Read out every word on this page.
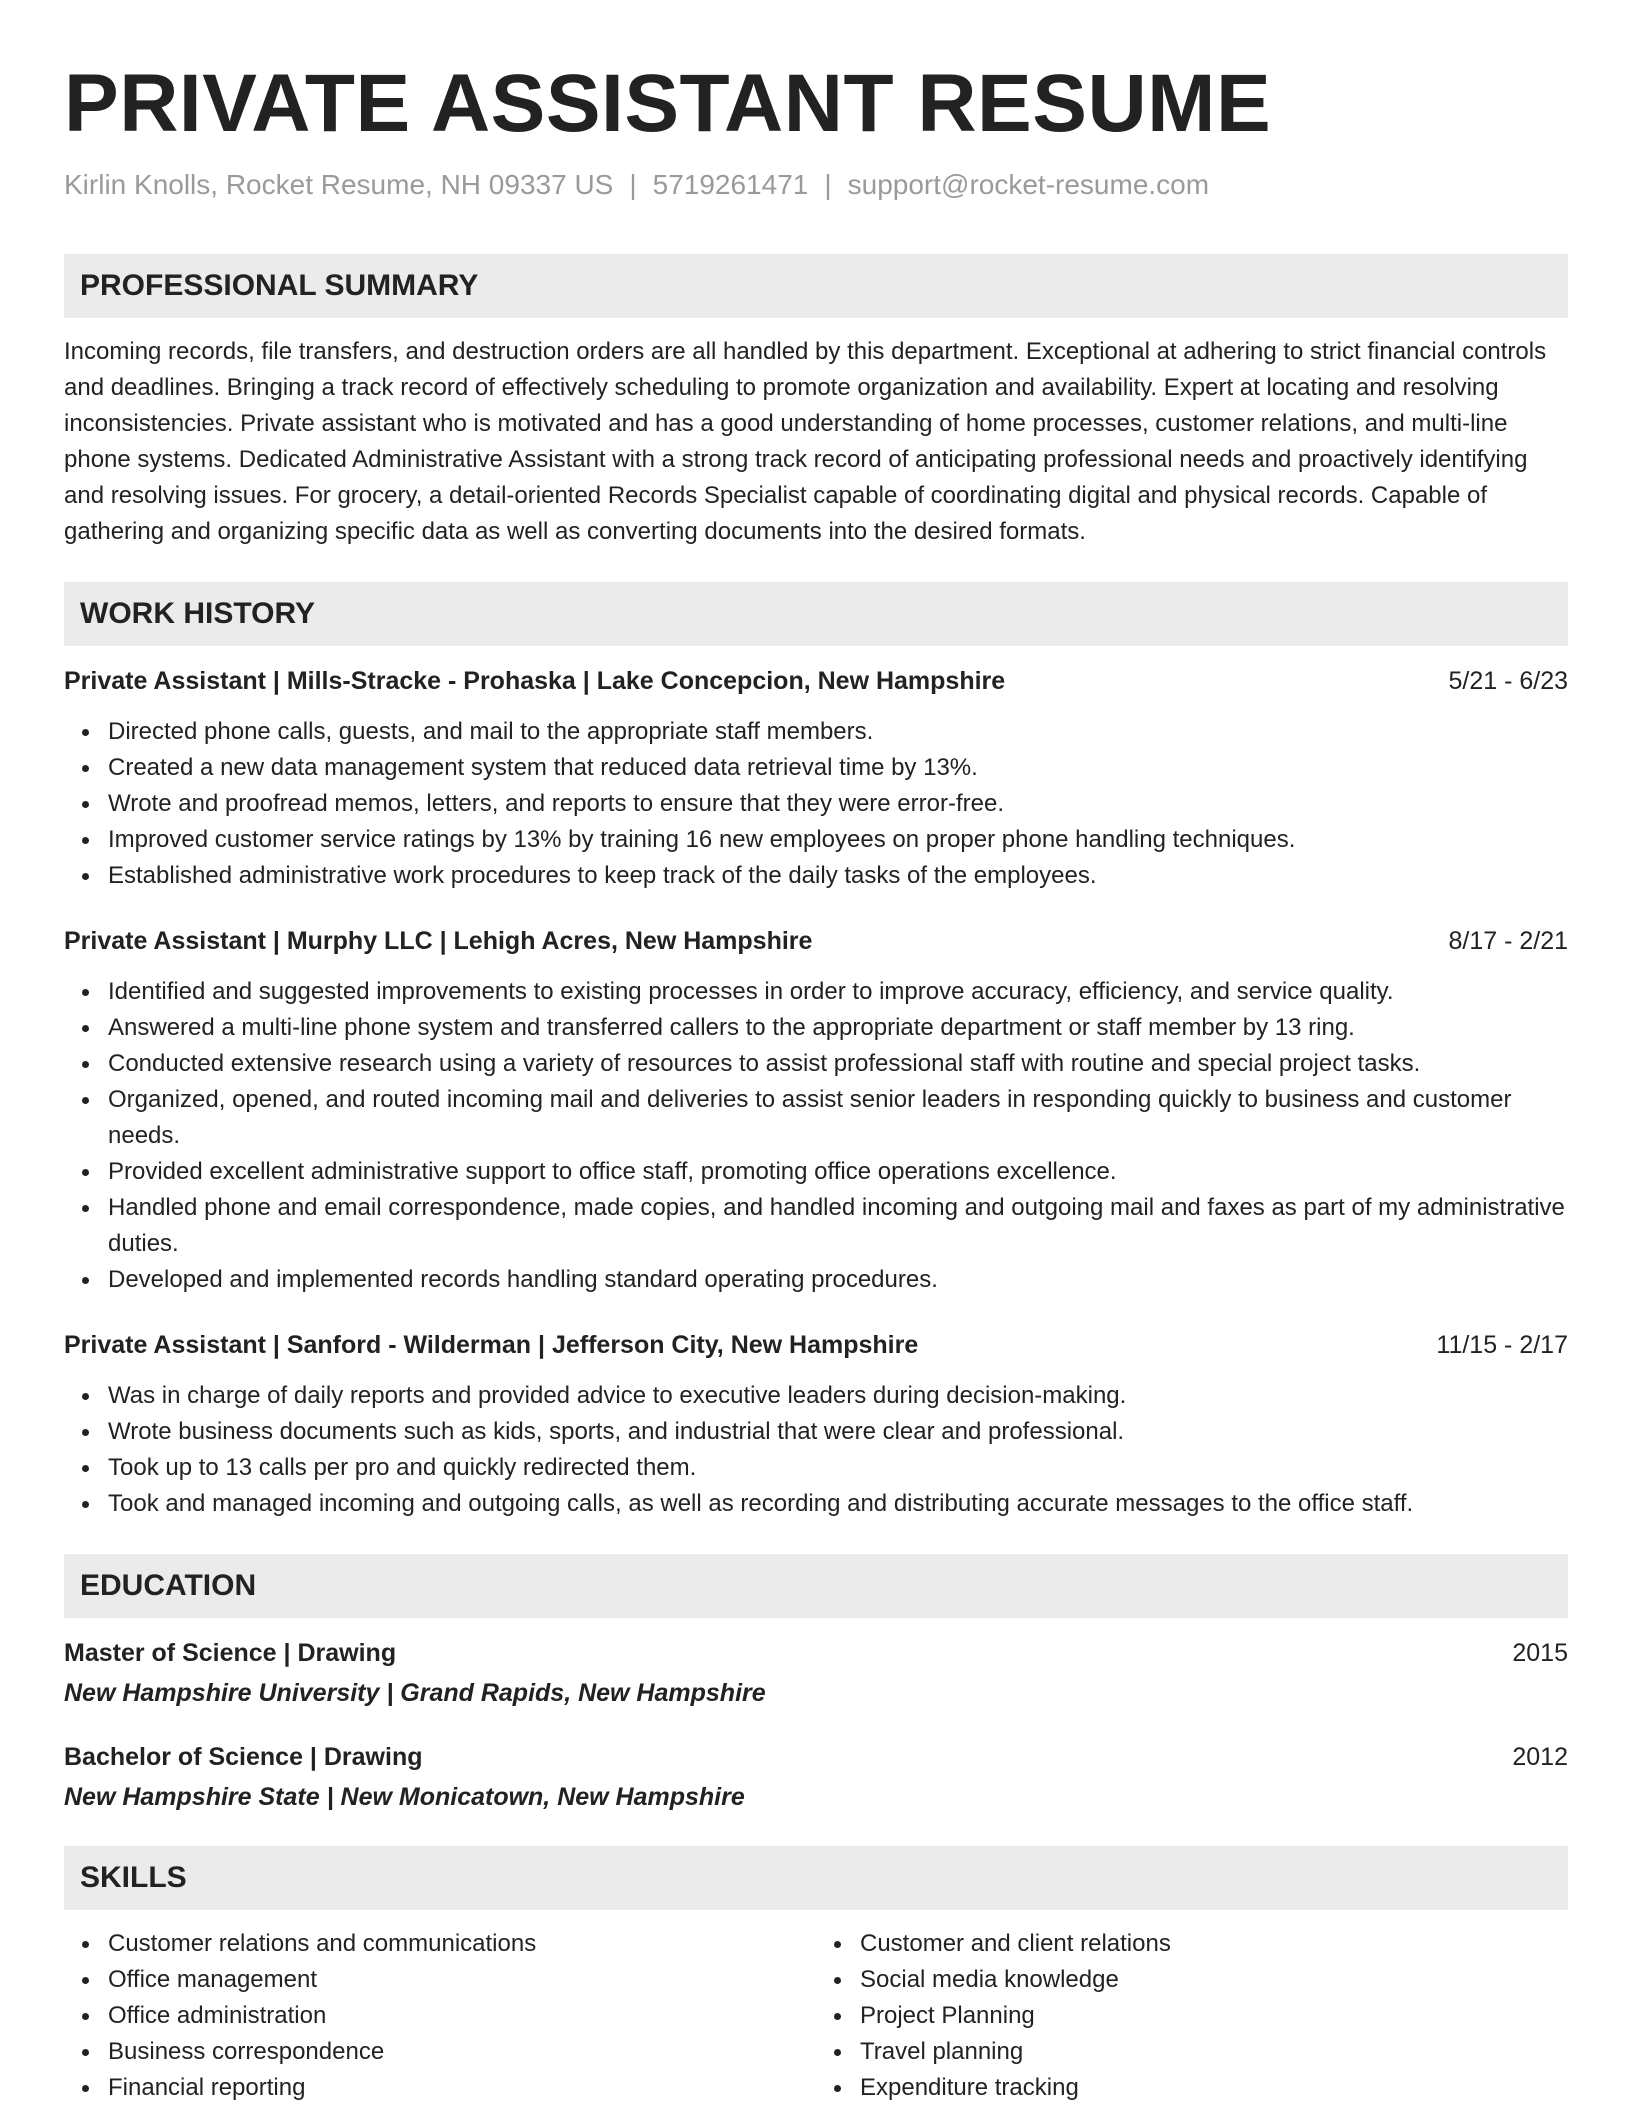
PRIVATE ASSISTANT RESUME
Kirlin Knolls, Rocket Resume, NH 09337 US | 5719261471 | support@rocket-resume.com
PROFESSIONAL SUMMARY

Incoming records, file transfers, and destruction orders are all handled by this department. Exceptional at adhering to strict financial controls and deadlines. Bringing a track record of effectively scheduling to promote organization and availability. Expert at locating and resolving inconsistencies. Private assistant who is motivated and has a good understanding of home processes, customer relations, and multi-line phone systems. Dedicated Administrative Assistant with a strong track record of anticipating professional needs and proactively identifying and resolving issues. For grocery, a detail-oriented Records Specialist capable of coordinating digital and physical records. Capable of gathering and organizing specific data as well as converting documents into the desired formats.

WORK HISTORY
Private Assistant | Mills-Stracke - Prohaska | Lake Concepcion, New Hampshire	5/21 - 6/23
Directed phone calls, guests, and mail to the appropriate staff members.
Created a new data management system that reduced data retrieval time by 13%.
Wrote and proofread memos, letters, and reports to ensure that they were error-free.
Improved customer service ratings by 13% by training 16 new employees on proper phone handling techniques.
Established administrative work procedures to keep track of the daily tasks of the employees.
Private Assistant | Murphy LLC | Lehigh Acres, New Hampshire	8/17 - 2/21
Identified and suggested improvements to existing processes in order to improve accuracy, efficiency, and service quality.
Answered a multi-line phone system and transferred callers to the appropriate department or staff member by 13 ring.
Conducted extensive research using a variety of resources to assist professional staff with routine and special project tasks.
Organized, opened, and routed incoming mail and deliveries to assist senior leaders in responding quickly to business and customer needs.
Provided excellent administrative support to office staff, promoting office operations excellence.
Handled phone and email correspondence, made copies, and handled incoming and outgoing mail and faxes as part of my administrative duties.
Developed and implemented records handling standard operating procedures.
Private Assistant | Sanford - Wilderman | Jefferson City, New Hampshire	11/15 - 2/17
Was in charge of daily reports and provided advice to executive leaders during decision-making.
Wrote business documents such as kids, sports, and industrial that were clear and professional.
Took up to 13 calls per pro and quickly redirected them.
Took and managed incoming and outgoing calls, as well as recording and distributing accurate messages to the office staff.
EDUCATION
Master of Science | Drawing	2015
New Hampshire University | Grand Rapids, New Hampshire
Bachelor of Science | Drawing	2012
New Hampshire State | New Monicatown, New Hampshire
SKILLS
Customer relations and communications
Office management
Office administration
Business correspondence
Financial reporting
Customer and client relations
Social media knowledge
Project Planning
Travel planning
Expenditure tracking
